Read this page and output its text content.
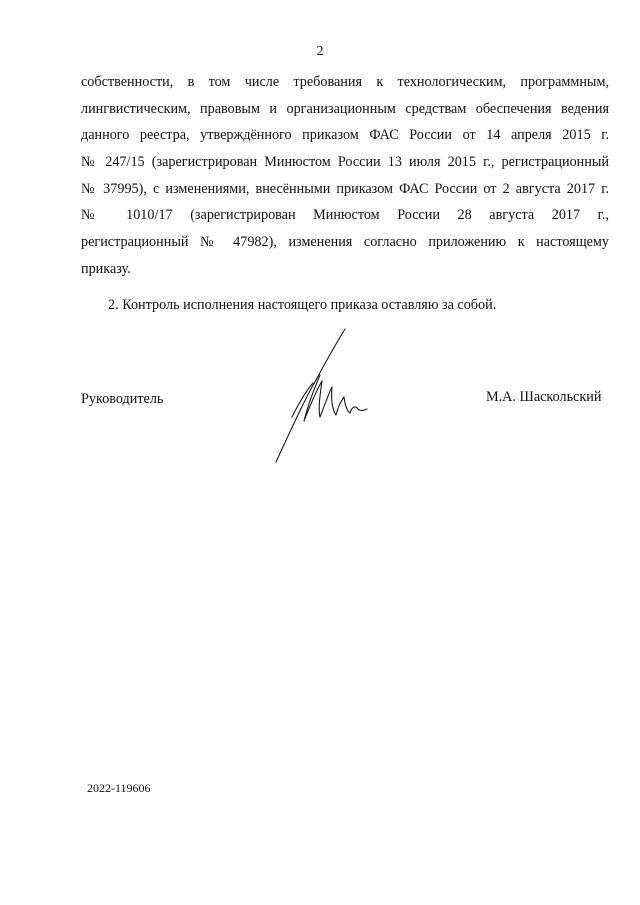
2
собственности, в том числе требования к технологическим, программным,
лингвистическим, правовым и организационным средствам обеспечения ведения
данного реестра, утверждённого приказом ФАС России от 14 апреля 2015 г.
№ 247/15 (зарегистрирован Минюстом России 13 июля 2015 г., регистрационный
№ 37995), с изменениями, внесёнными приказом ФАС России от 2 августа 2017 г.
№ 1010/17 (зарегистрирован Минюстом России 28 августа 2017 г.,
регистрационный № 47982), изменения согласно приложению к настоящему
приказу.
2. Контроль исполнения настоящего приказа оставляю за собой.
Руководитель	М.А. Шаскольский
2022-119606
